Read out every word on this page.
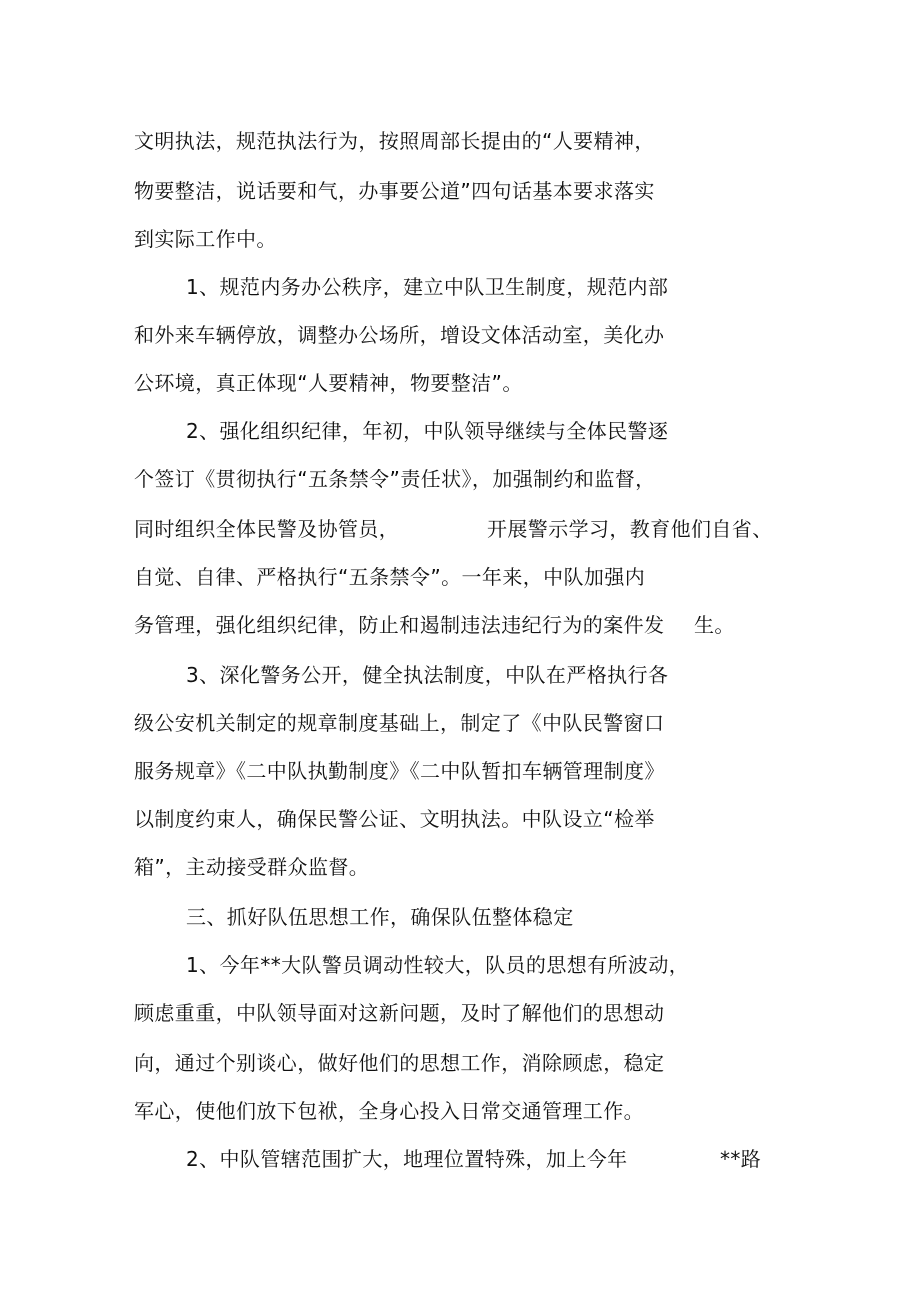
文明执法，规范执法行为，按照周部长提由的“人要精神，

物要整洁，说话要和气，办事要公道”四句话基本要求落实

到实际工作中。

1、规范内务办公秩序，建立中队卫生制度，规范内部

和外来车辆停放，调整办公场所，增设文体活动室，美化办

公环境，真正体现“人要精神，物要整洁”。

2、强化组织纪律，年初，中队领导继续与全体民警逐

个签订《贯彻执行“五条禁令”责任状》，加强制约和监督，

同时组织全体民警及协管员，	开展警示学习，教育他们自省、

自觉、自律、严格执行“五条禁令”。一年来，中队加强内

务管理，强化组织纪律，防止和遏制违法违纪行为的案件发 生。

3、深化警务公开，健全执法制度，中队在严格执行各

级公安机关制定的规章制度基础上，制定了《中队民警窗口

服务规章》《二中队执勤制度》《二中队暂扣车辆管理制度》

以制度约束人，确保民警公证、文明执法。中队设立“检举

箱”，主动接受群众监督。

三、抓好队伍思想工作，确保队伍整体稳定

1、今年**大队警员调动性较大，队员的思想有所波动，

顾虑重重，中队领导面对这新问题，及时了解他们的思想动

向，通过个别谈心，做好他们的思想工作，消除顾虑，稳定

军心，使他们放下包袱，全身心投入日常交通管理工作。

2、中队管辖范围扩大，地理位置特殊，加上今年	**路
